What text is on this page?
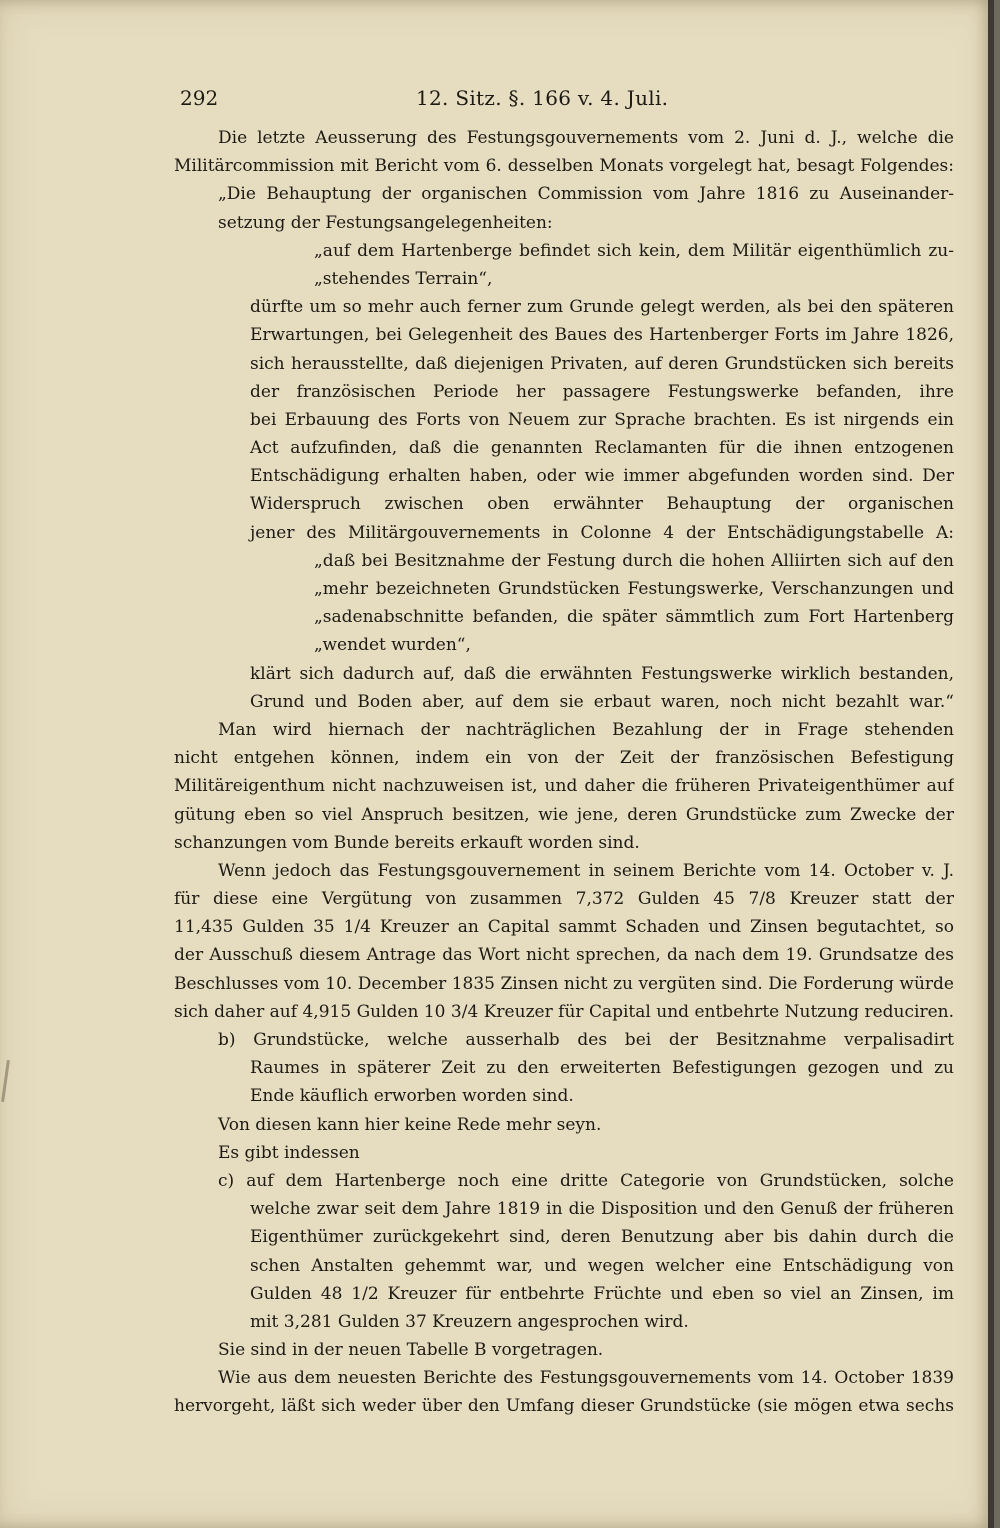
292	12. Sitz. §. 166 v. 4. Juli.
Die letzte Aeusserung des Festungsgouvernements vom 2. Juni d. J., welche die
Militärcommission mit Bericht vom 6. desselben Monats vorgelegt hat, besagt Folgendes:
„Die Behauptung der organischen Commission vom Jahre 1816 zu Auseinander-
setzung der Festungsangelegenheiten:
„auf dem Hartenberge befindet sich kein, dem Militär eigenthümlich zu-
„stehendes Terrain“,
dürfte um so mehr auch ferner zum Grunde gelegt werden, als bei den späteren
Erwartungen, bei Gelegenheit des Baues des Hartenberger Forts im Jahre 1826,
sich herausstellte, daß diejenigen Privaten, auf deren Grundstücken sich bereits
der französischen Periode her passagere Festungswerke befanden, ihre
bei Erbauung des Forts von Neuem zur Sprache brachten. Es ist nirgends ein
Act aufzufinden, daß die genannten Reclamanten für die ihnen entzogenen
Entschädigung erhalten haben, oder wie immer abgefunden worden sind. Der
Widerspruch zwischen oben erwähnter Behauptung der organischen
jener des Militärgouvernements in Colonne 4 der Entschädigungstabelle A:
„daß bei Besitznahme der Festung durch die hohen Alliirten sich auf den
„mehr bezeichneten Grundstücken Festungswerke, Verschanzungen und
„sadenabschnitte befanden, die später sämmtlich zum Fort Hartenberg
„wendet wurden“,
klärt sich dadurch auf, daß die erwähnten Festungswerke wirklich bestanden,
Grund und Boden aber, auf dem sie erbaut waren, noch nicht bezahlt war.“
Man wird hiernach der nachträglichen Bezahlung der in Frage stehenden
nicht entgehen können, indem ein von der Zeit der französischen Befestigung
Militäreigenthum nicht nachzuweisen ist, und daher die früheren Privateigenthümer auf
gütung eben so viel Anspruch besitzen, wie jene, deren Grundstücke zum Zwecke der
schanzungen vom Bunde bereits erkauft worden sind.
Wenn jedoch das Festungsgouvernement in seinem Berichte vom 14. October v. J.
für diese eine Vergütung von zusammen 7,372 Gulden 45 7/8 Kreuzer statt der
11,435 Gulden 35 1/4 Kreuzer an Capital sammt Schaden und Zinsen begutachtet, so
der Ausschuß diesem Antrage das Wort nicht sprechen, da nach dem 19. Grundsatze des
Beschlusses vom 10. December 1835 Zinsen nicht zu vergüten sind. Die Forderung würde
sich daher auf 4,915 Gulden 10 3/4 Kreuzer für Capital und entbehrte Nutzung reduciren.
b) Grundstücke, welche ausserhalb des bei der Besitznahme verpalisadirt
Raumes in späterer Zeit zu den erweiterten Befestigungen gezogen und zu
Ende käuflich erworben worden sind.
Von diesen kann hier keine Rede mehr seyn.
Es gibt indessen
c) auf dem Hartenberge noch eine dritte Categorie von Grundstücken, solche
welche zwar seit dem Jahre 1819 in die Disposition und den Genuß der früheren
Eigenthümer zurückgekehrt sind, deren Benutzung aber bis dahin durch die
schen Anstalten gehemmt war, und wegen welcher eine Entschädigung von
Gulden 48 1/2 Kreuzer für entbehrte Früchte und eben so viel an Zinsen, im
mit 3,281 Gulden 37 Kreuzern angesprochen wird.
Sie sind in der neuen Tabelle B vorgetragen.
Wie aus dem neuesten Berichte des Festungsgouvernements vom 14. October 1839
hervorgeht, läßt sich weder über den Umfang dieser Grundstücke (sie mögen etwa sechs
